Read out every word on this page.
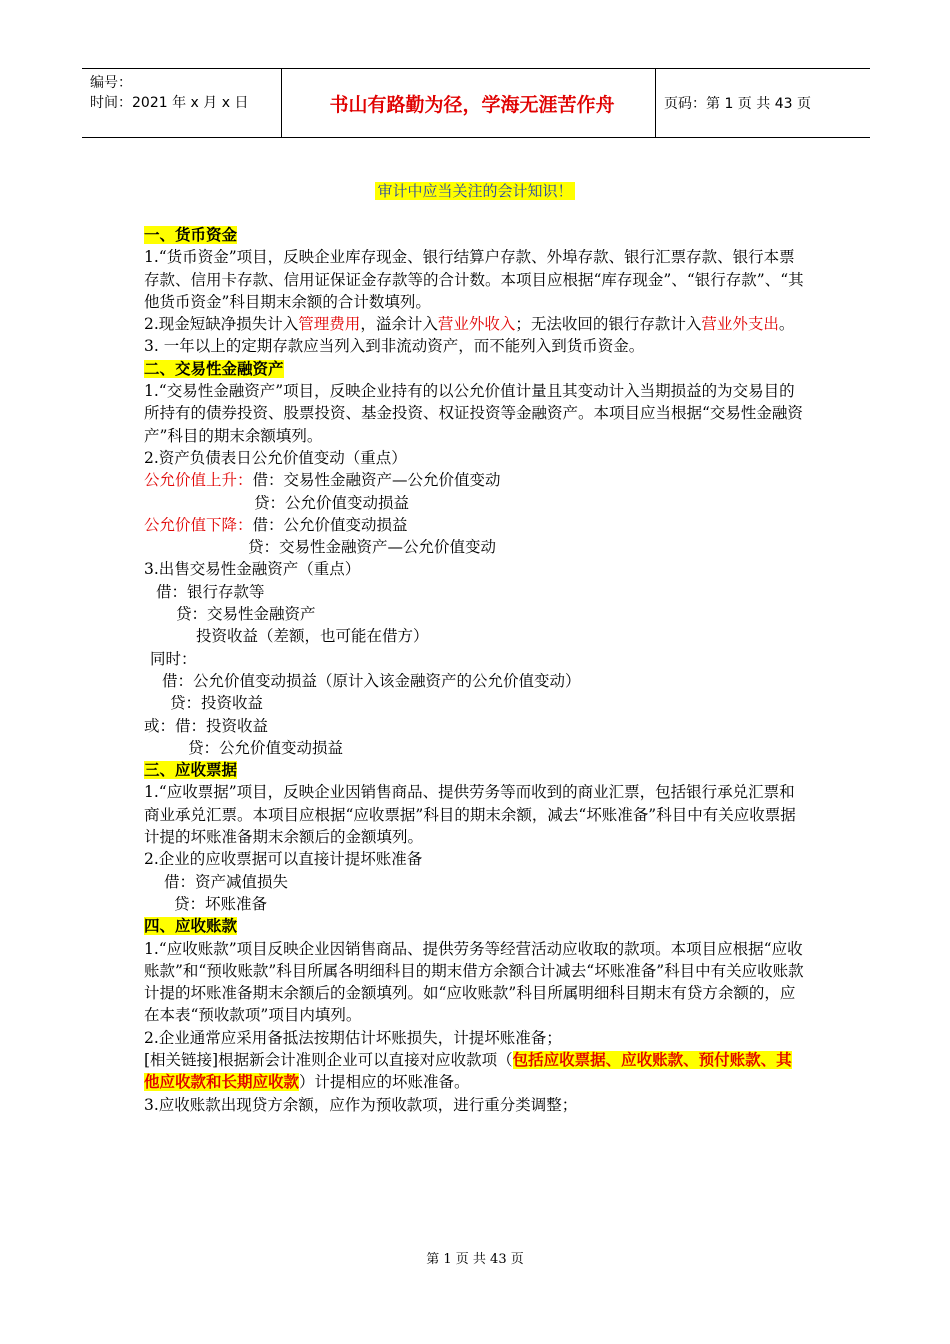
编号：
时间：2021 年 x 月 x 日	书山有路勤为径，学海无涯苦作舟	页码：第 1 页 共 43 页
审计中应当关注的会计知识！

一、货币资金

1.“货币资金”项目，反映企业库存现金、银行结算户存款、外埠存款、银行汇票存款、银行本票存款、信用卡存款、信用证保证金存款等的合计数。本项目应根据“库存现金”、“银行存款”、“其他货币资金”科目期末余额的合计数填列。

2.现金短缺净损失计入管理费用，溢余计入营业外收入；无法收回的银行存款计入营业外支出。

3. 一年以上的定期存款应当列入到非流动资产，而不能列入到货币资金。

二、交易性金融资产

1.“交易性金融资产”项目，反映企业持有的以公允价值计量且其变动计入当期损益的为交易目的所持有的债券投资、股票投资、基金投资、权证投资等金融资产。本项目应当根据“交易性金融资产”科目的期末余额填列。

2.资产负债表日公允价值变动（重点）

公允价值上升：借：交易性金融资产—公允价值变动

贷：公允价值变动损益

公允价值下降：借：公允价值变动损益

贷：交易性金融资产—公允价值变动

3.出售交易性金融资产（重点）

借：银行存款等

贷：交易性金融资产

投资收益（差额，也可能在借方）

同时：

借：公允价值变动损益（原计入该金融资产的公允价值变动）

贷：投资收益

或：借：投资收益

贷：公允价值变动损益

三、应收票据

1.“应收票据”项目，反映企业因销售商品、提供劳务等而收到的商业汇票，包括银行承兑汇票和商业承兑汇票。本项目应根据“应收票据”科目的期末余额，减去“坏账准备”科目中有关应收票据计提的坏账准备期末余额后的金额填列。

2.企业的应收票据可以直接计提坏账准备

借：资产减值损失

贷：坏账准备

四、应收账款

1.“应收账款”项目反映企业因销售商品、提供劳务等经营活动应收取的款项。本项目应根据“应收账款”和“预收账款”科目所属各明细科目的期末借方余额合计减去“坏账准备”科目中有关应收账款计提的坏账准备期末余额后的金额填列。如“应收账款”科目所属明细科目期末有贷方余额的，应在本表“预收款项”项目内填列。

2.企业通常应采用备抵法按期估计坏账损失，计提坏账准备；

[相关链接]根据新会计准则企业可以直接对应收款项（包括应收票据、应收账款、预付账款、其他应收款和长期应收款）计提相应的坏账准备。

3.应收账款出现贷方余额，应作为预收款项，进行重分类调整；

第 1 页 共 43 页
